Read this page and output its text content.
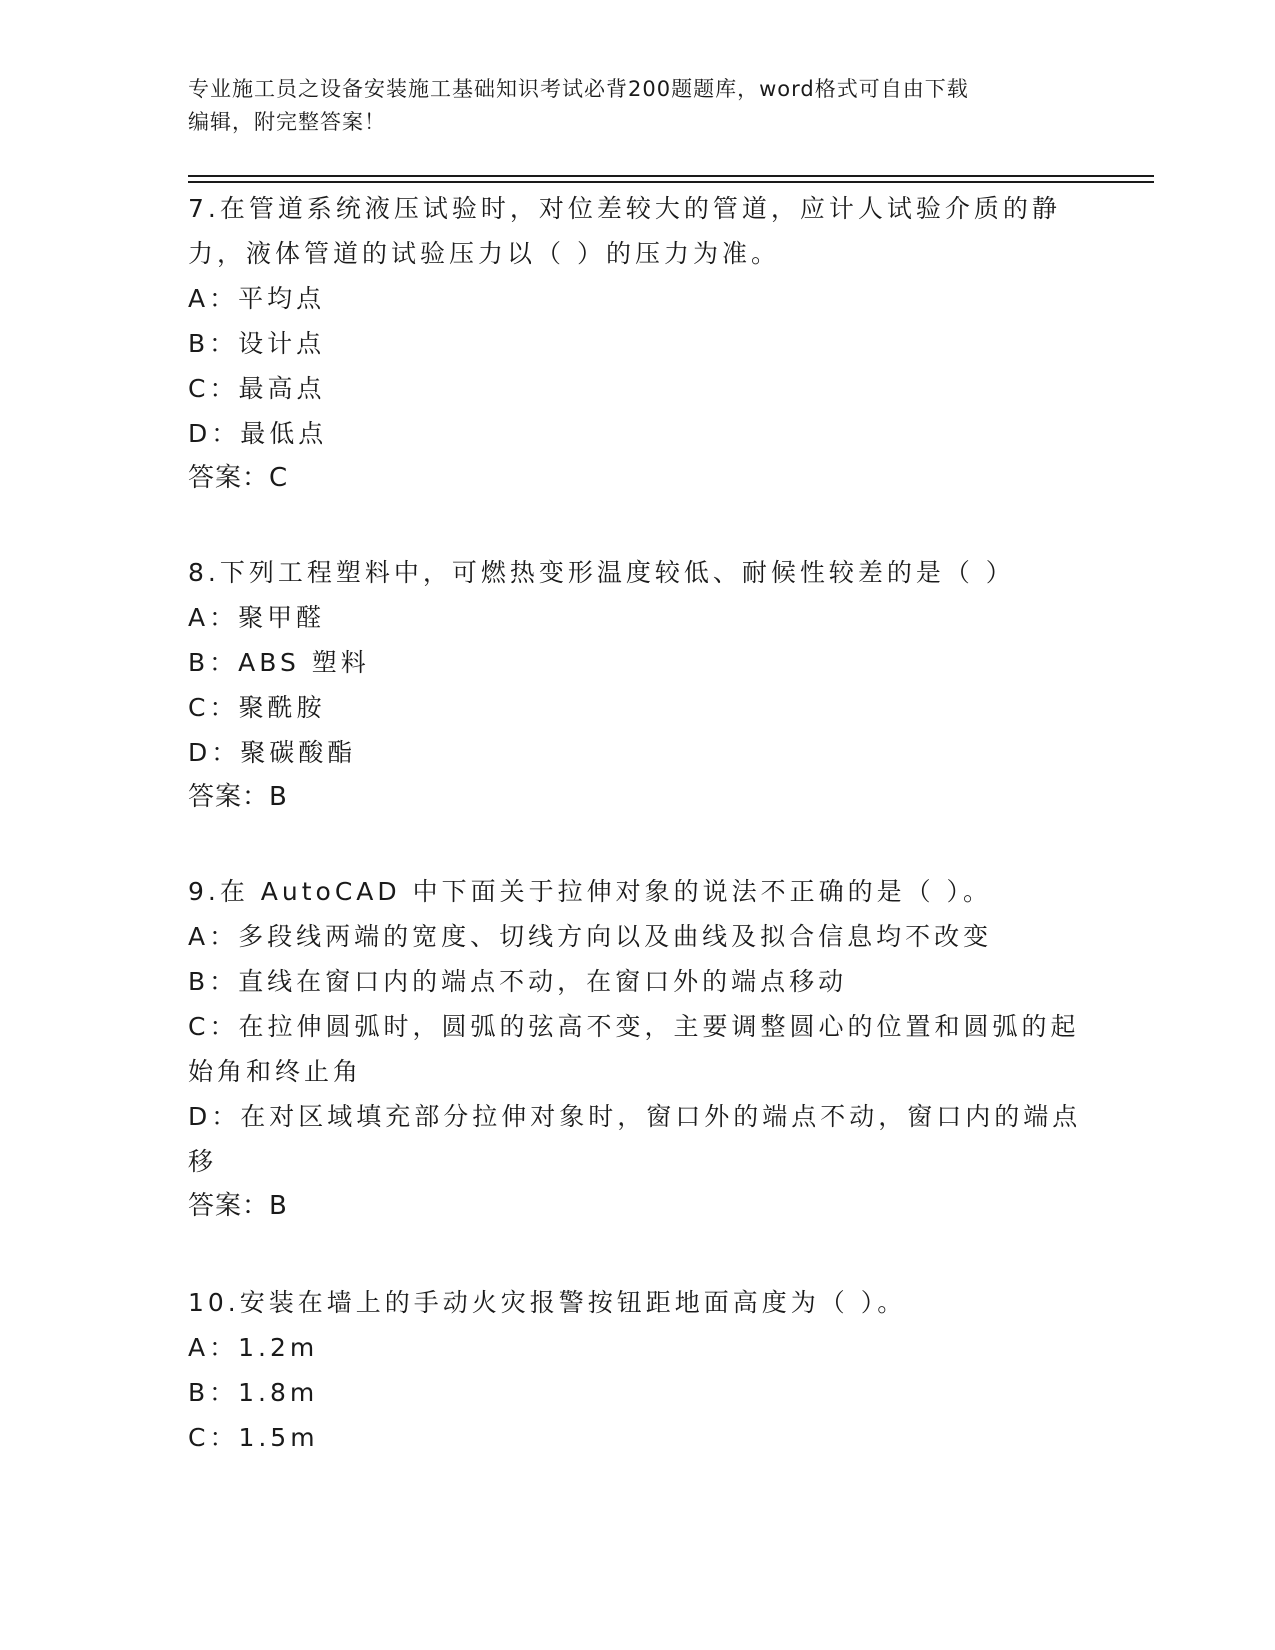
专业施工员之设备安装施工基础知识考试必背200题题库，word格式可自由下载
编辑，附完整答案！
7.在管道系统液压试验时，对位差较大的管道，应计人试验介质的静
力，液体管道的试验压力以（ ）的压力为准。
A：平均点
B：设计点
C：最高点
D：最低点
答案：C
8.下列工程塑料中，可燃热变形温度较低、耐候性较差的是（ ）
A：聚甲醛
B：ABS 塑料
C：聚酰胺
D：聚碳酸酯
答案：B
9.在 AutoCAD 中下面关于拉伸对象的说法不正确的是（ ）。
A：多段线两端的宽度、切线方向以及曲线及拟合信息均不改变
B：直线在窗口内的端点不动，在窗口外的端点移动
C：在拉伸圆弧时，圆弧的弦高不变，主要调整圆心的位置和圆弧的起
始角和终止角
D：在对区域填充部分拉伸对象时，窗口外的端点不动，窗口内的端点
移
答案：B
10.安装在墙上的手动火灾报警按钮距地面高度为（ ）。
A：1.2m
B：1.8m
C：1.5m
